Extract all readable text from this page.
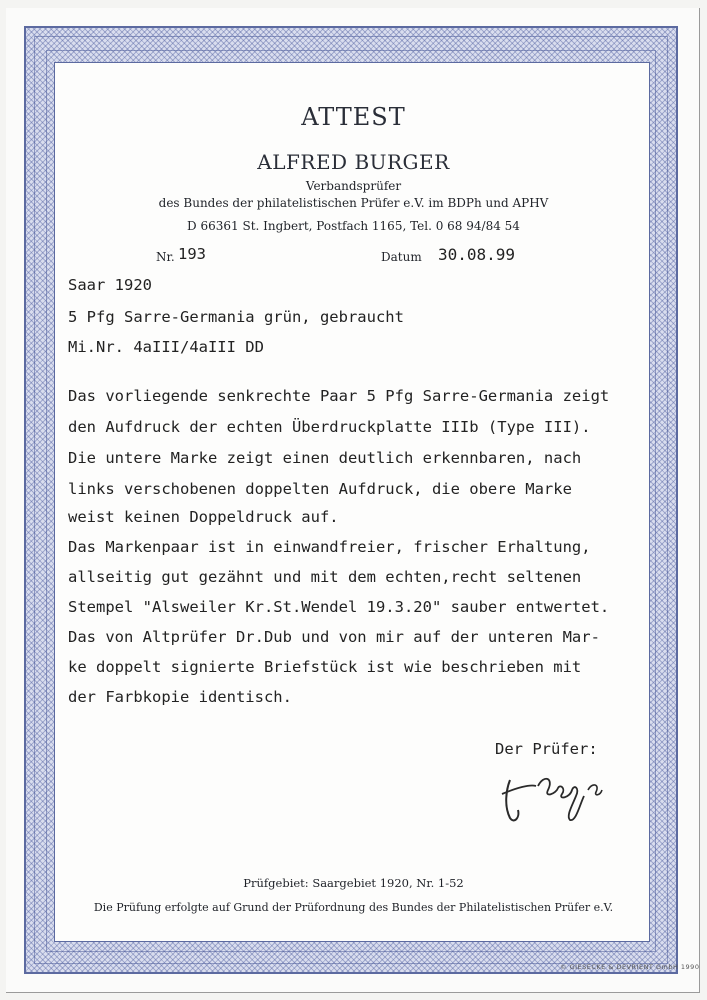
ATTEST
ALFRED BURGER
Verbandsprüfer
des Bundes der philatelistischen Prüfer e.V. im BDPh und APHV
D 66361 St. Ingbert, Postfach 1165, Tel. 0 68 94/84 54
Nr. 193	Datum 30.08.99
Saar 1920
5 Pfg Sarre-Germania grün, gebraucht
Mi.Nr. 4aIII/4aIII DD
Das vorliegende senkrechte Paar 5 Pfg Sarre-Germania zeigt
den Aufdruck der echten Überdruckplatte IIIb (Type III).
Die untere Marke zeigt einen deutlich erkennbaren, nach
links verschobenen doppelten Aufdruck, die obere Marke
weist keinen Doppeldruck auf.
Das Markenpaar ist in einwandfreier, frischer Erhaltung,
allseitig gut gezähnt und mit dem echten,recht seltenen
Stempel "Alsweiler Kr.St.Wendel 19.3.20" sauber entwertet.
Das von Altprüfer Dr.Dub und von mir auf der unteren Mar-
ke doppelt signierte Briefstück ist wie beschrieben mit
der Farbkopie identisch.
Der Prüfer:
Prüfgebiet: Saargebiet 1920, Nr. 1-52
Die Prüfung erfolgte auf Grund der Prüfordnung des Bundes der Philatelistischen Prüfer e.V.
© GIESECKE & DEVRIENT GmbH 1990
